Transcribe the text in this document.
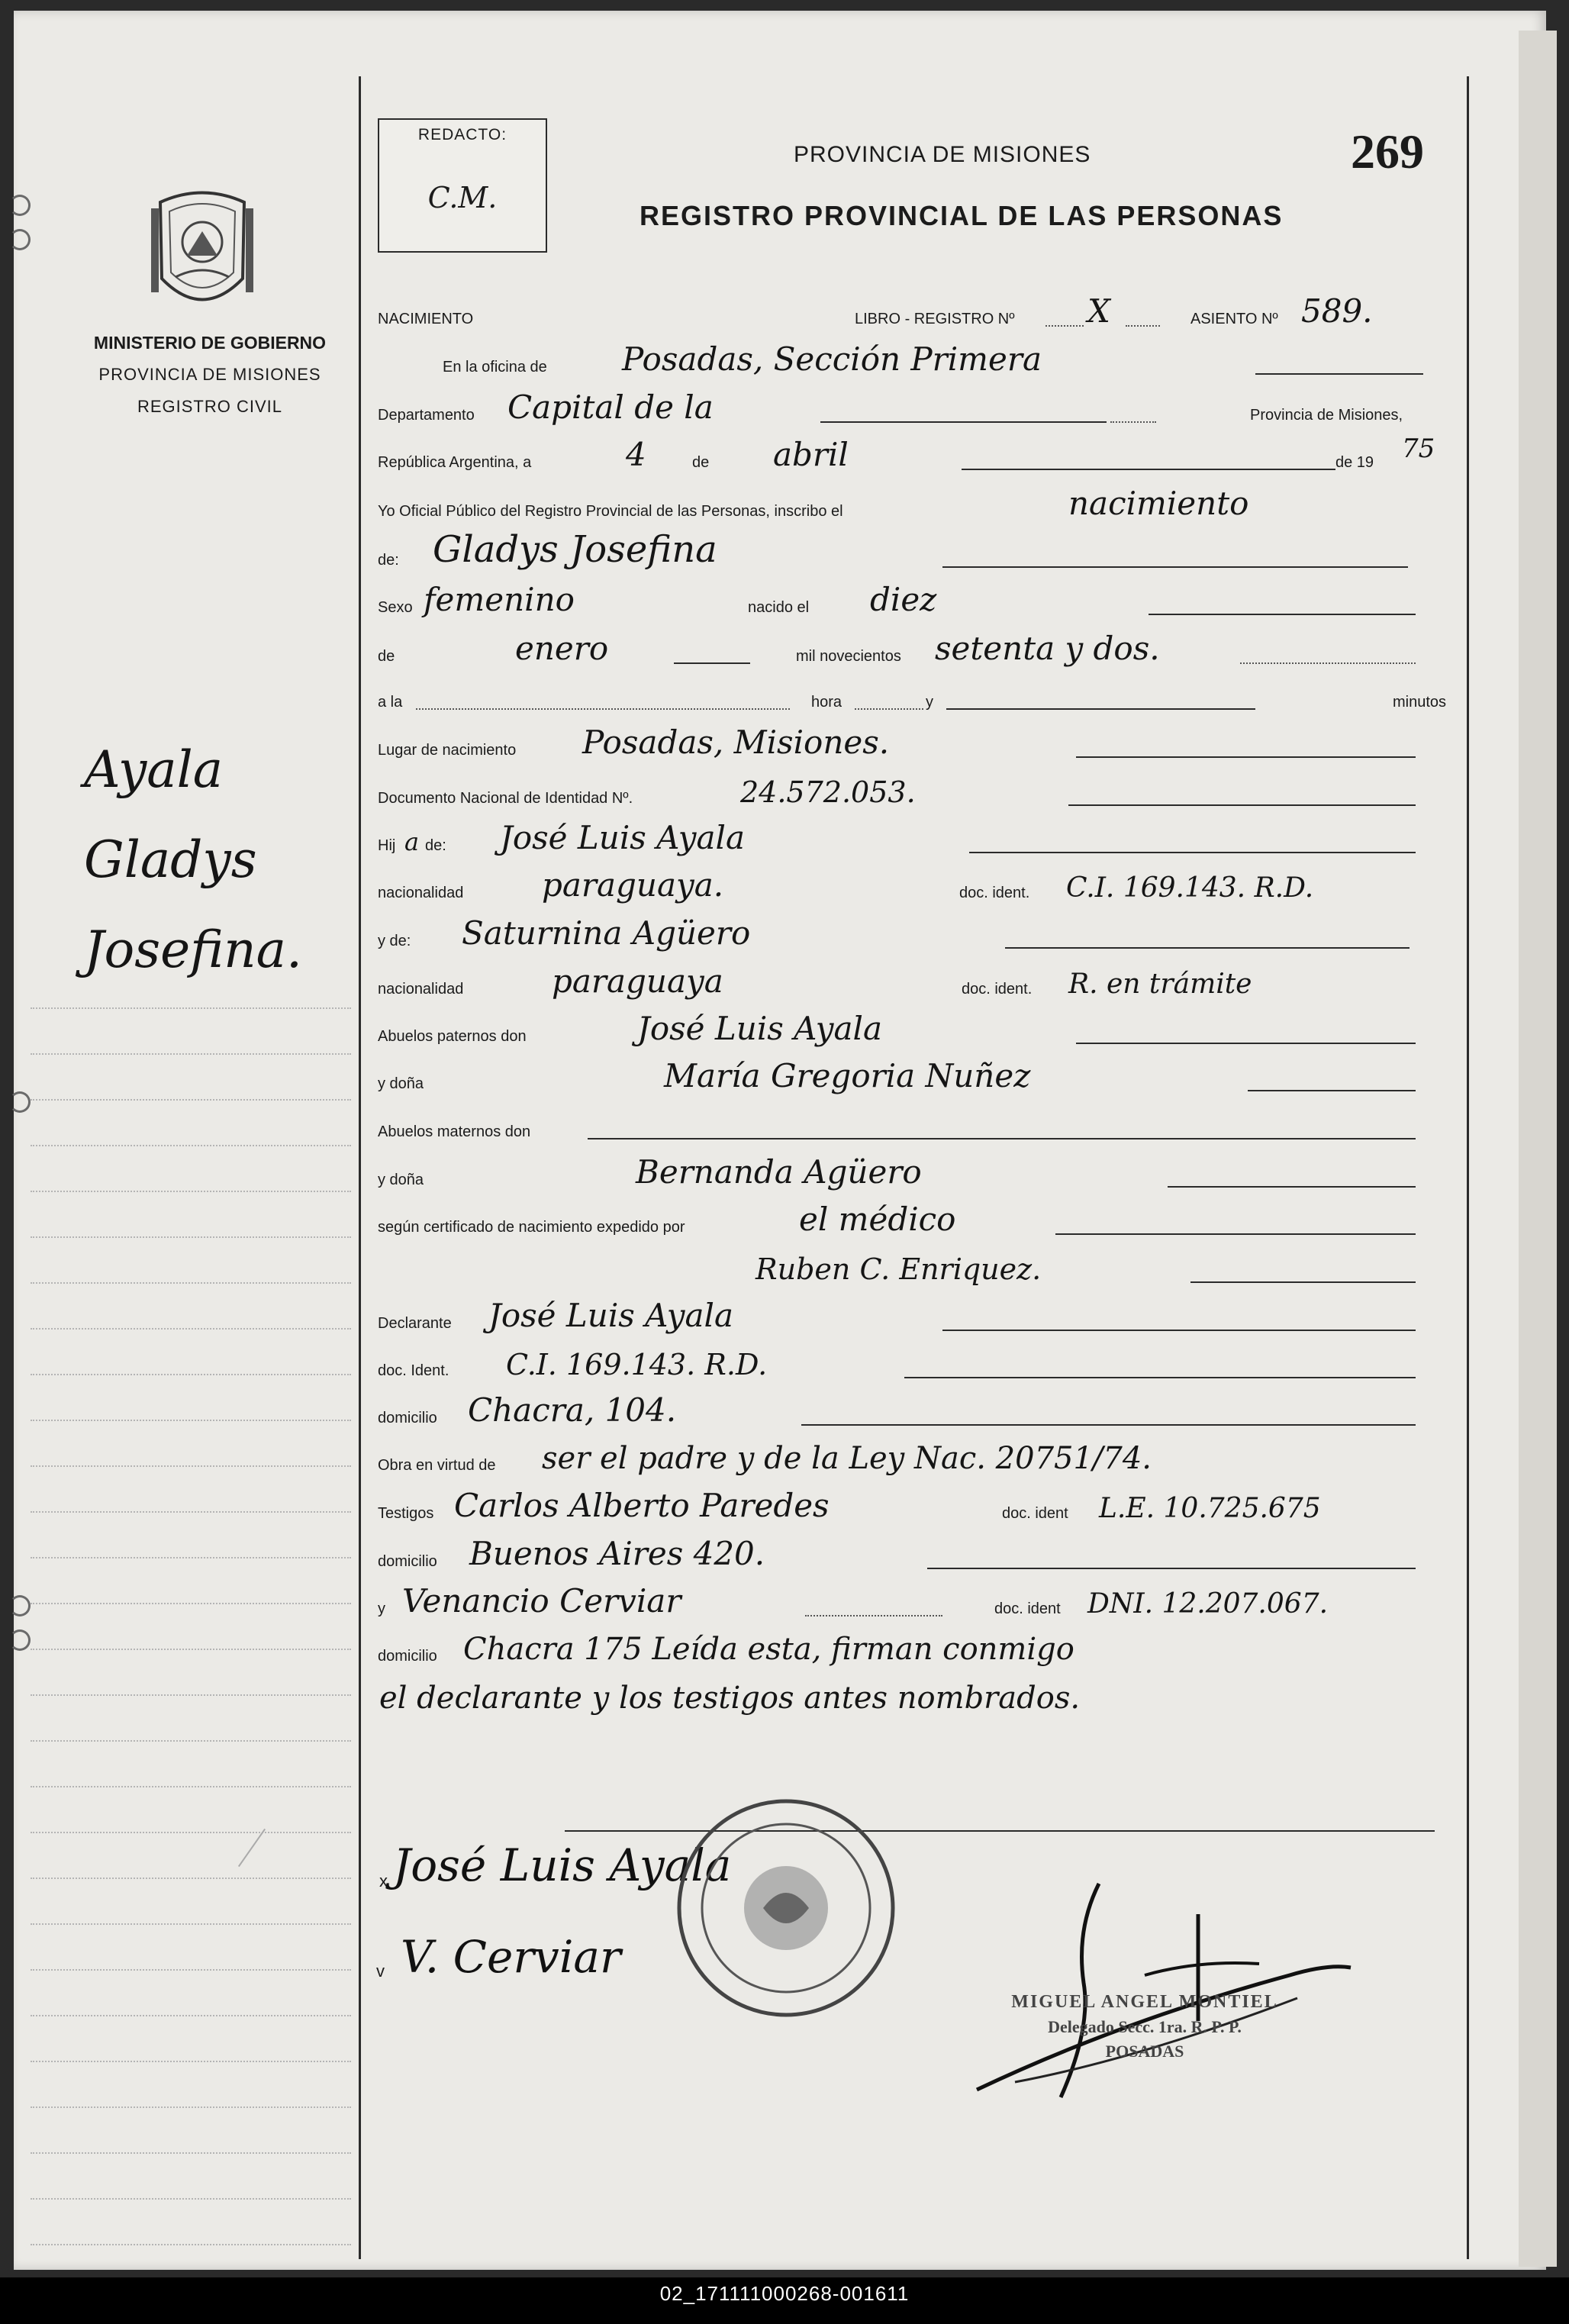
REDACTO:
C.M.
PROVINCIA DE MISIONES	269
REGISTRO PROVINCIAL DE LAS PERSONAS
MINISTERIO DE GOBIERNO
PROVINCIA DE MISIONES
REGISTRO CIVIL
Ayala
Gladys
Josefina.
NACIMIENTO	LIBRO - REGISTRO Nº X	ASIENTO Nº 589.
En la oficina de Posadas, Sección Primera
Departamento Capital de la	Provincia de Misiones,
República Argentina, a	4	de abril	de 19 75
Yo Oficial Público del Registro Provincial de las Personas, inscribo el	nacimiento
de: Gladys Josefina
Sexo femenino	nacido el diez
de	enero	mil novecientos setenta y dos.
a la	hora	y	minutos
Lugar de nacimiento Posadas, Misiones.
Documento Nacional de Identidad Nº.	24.572.053.
Hij a de: José Luis Ayala
nacionalidad paraguaya.	doc. ident. C.I. 169.143. R.D.
y de: Saturnina Agüero
nacionalidad	paraguaya	doc. ident. R. en trámite
Abuelos paternos don	José Luis Ayala
y doña	María Gregoria Nuñez
Abuelos maternos don
y doña	Bernanda Agüero
según certificado de nacimiento expedido por	el médico
Ruben C. Enriquez.
Declarante José Luis Ayala
doc. Ident. C.I. 169.143. R.D.
domicilio Chacra, 104.
Obra en virtud de ser el padre y de la Ley Nac. 20751/74.
Testigos Carlos Alberto Paredes	doc. ident L.E. 10.725.675
domicilio Buenos Aires 420.
y Venancio Cerviar	doc. ident DNI. 12.207.067.
domicilio Chacra 175 Leída esta, firman conmigo
el declarante y los testigos antes nombrados.
x José Luis Ayala
v V. Cerviar
MIGUEL ANGEL MONTIEL
Delegado Secc. 1ra. R. P. P.
POSADAS
02_171111000268-001611
